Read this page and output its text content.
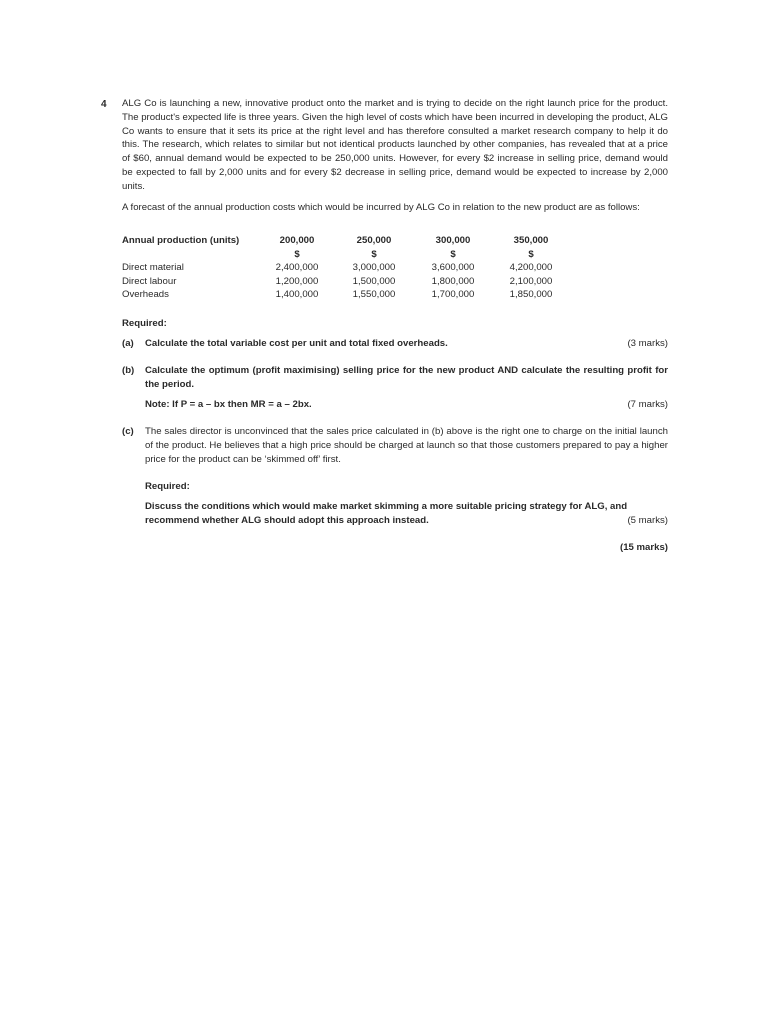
4 ALG Co is launching a new, innovative product onto the market and is trying to decide on the right launch price for the product. The product's expected life is three years. Given the high level of costs which have been incurred in developing the product, ALG Co wants to ensure that it sets its price at the right level and has therefore consulted a market research company to help it do this. The research, which relates to similar but not identical products launched by other companies, has revealed that at a price of $60, annual demand would be expected to be 250,000 units. However, for every $2 increase in selling price, demand would be expected to fall by 2,000 units and for every $2 decrease in selling price, demand would be expected to increase by 2,000 units.
A forecast of the annual production costs which would be incurred by ALG Co in relation to the new product are as follows:
Annual production (units)	200,000	250,000	300,000	350,000
$	$	$	$
Direct material	2,400,000	3,000,000	3,600,000	4,200,000
Direct labour	1,200,000	1,500,000	1,800,000	2,100,000
Overheads	1,400,000	1,550,000	1,700,000	1,850,000
Required:
(a) Calculate the total variable cost per unit and total fixed overheads.	(3 marks)
(b) Calculate the optimum (profit maximising) selling price for the new product AND calculate the resulting profit for the period.
Note: If P = a – bx then MR = a – 2bx.	(7 marks)
(c) The sales director is unconvinced that the sales price calculated in (b) above is the right one to charge on the initial launch of the product. He believes that a high price should be charged at launch so that those customers prepared to pay a higher price for the product can be ‘skimmed off’ first.
Required:
Discuss the conditions which would make market skimming a more suitable pricing strategy for ALG, and
recommend whether ALG should adopt this approach instead.	(5 marks)
(15 marks)
